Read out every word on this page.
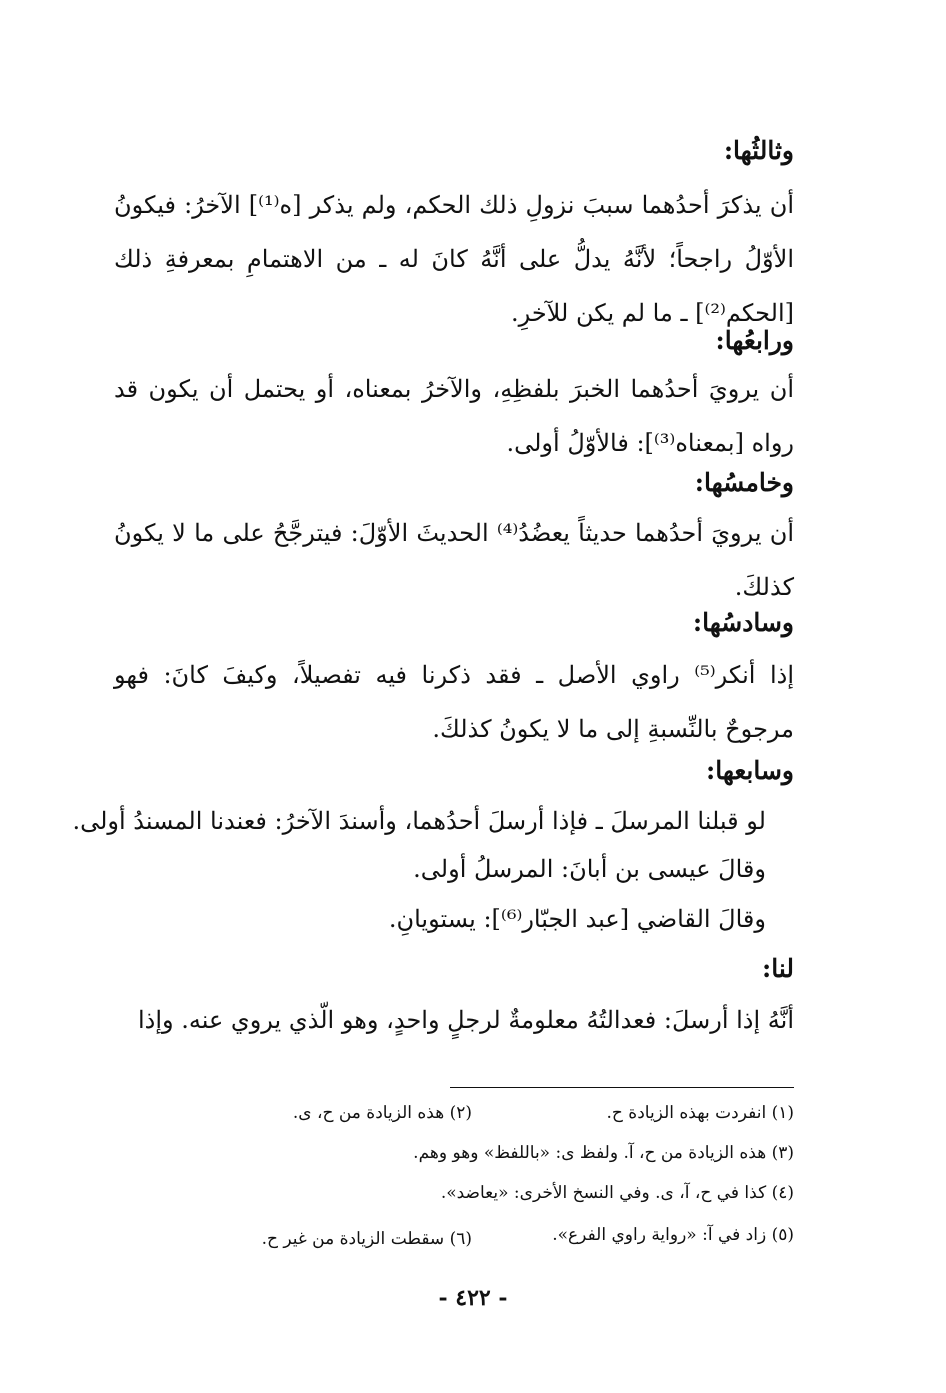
وثالثُها:
أن يذكرَ أحدُهما سببَ نزولِ ذلك الحكم، ولم يذكر [ه⁽¹⁾] الآخرُ: فيكونُ الأوّلُ راجحاً؛ لأنَّهُ يدلُّ على أنَّهُ كانَ له ـ من الاهتمامِ بمعرفةِ ذلك [الحكم⁽²⁾] ـ ما لم يكن للآخرِ.
ورابعُها:
أن يرويَ أحدُهما الخبرَ بلفظِهِ، والآخرُ بمعناه، أو يحتمل أن يكون قد رواه [بمعناه⁽³⁾]: فالأوّلُ أولى.
وخامسُها:
أن يرويَ أحدُهما حديثاً يعضُدُ⁽⁴⁾ الحديثَ الأوّلَ: فيترجَّحُ على ما لا يكونُ كذلكَ.
وسادسُها:
إذا أنكر⁽⁵⁾ راوي الأصل ـ فقد ذكرنا فيه تفصيلاً، وكيفَ كانَ: فهو مرجوحٌ بالنِّسبةِ إلى ما لا يكونُ كذلكَ.
وسابعها:
لو قبلنا المرسلَ ـ فإذا أرسلَ أحدُهما، وأسندَ الآخرُ: فعندنا المسندُ أولى.
وقالَ عيسى بن أبانَ: المرسلُ أولى.
وقالَ القاضي [عبد الجبّار⁽⁶⁾]: يستويانِ.
لنا:
أنَّهُ إذا أرسلَ: فعدالتُهُ معلومةٌ لرجلٍ واحدٍ، وهو الّذي يروي عنه. وإذا
(١) انفردت بهذه الزيادة ح.
(٢) هذه الزيادة من ح، ى.
(٣) هذه الزيادة من ح، آ. ولفظ ى: «باللفظ» وهو وهم.
(٤) كذا في ح، آ، ى. وفي النسخ الأخرى: «يعاضد».
(٥) زاد في آ: «رواية راوي الفرع».
(٦) سقطت الزيادة من غير ح.
- ٤٢٢ -
